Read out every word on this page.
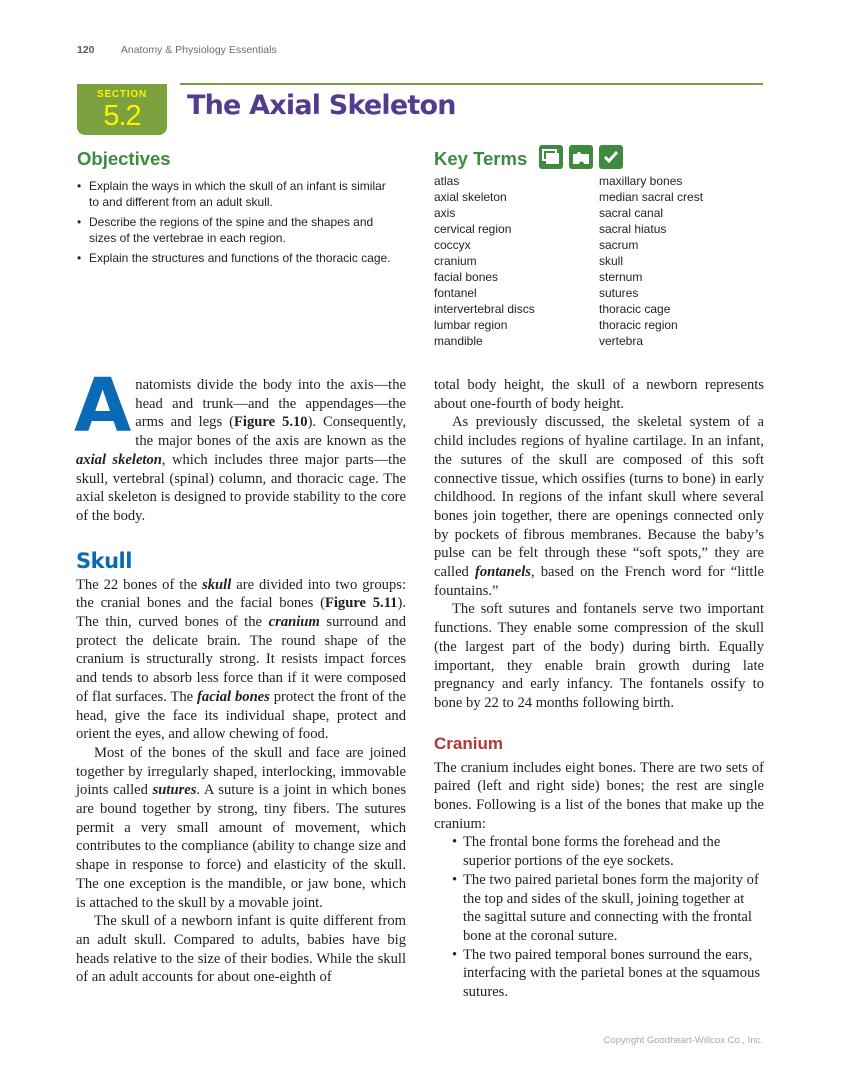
120	Anatomy & Physiology Essentials
SECTION
5.2	The Axial Skeleton
Objectives
• Explain the ways in which the skull of an infant is similar to and different from an adult skull.
• Describe the regions of the spine and the shapes and sizes of the vertebrae in each region.
• Explain the structures and functions of the thoracic cage.
Key Terms
atlas
axial skeleton
axis
cervical region
coccyx
cranium
facial bones
fontanel
intervertebral discs
lumbar region
mandible
maxillary bones
median sacral crest
sacral canal
sacral hiatus
sacrum
skull
sternum
sutures
thoracic cage
thoracic region
vertebra

Anatomists divide the body into the axis—the head and trunk—and the appendages—the arms and legs (Figure 5.10). Consequently, the major bones of the axis are known as the axial skeleton, which includes three major parts—the skull, vertebral (spinal) column, and thoracic cage. The axial skeleton is designed to provide stability to the core of the body.

Skull

The 22 bones of the skull are divided into two groups: the cranial bones and the facial bones (Figure 5.11). The thin, curved bones of the cranium surround and protect the delicate brain. The round shape of the cranium is structurally strong. It resists impact forces and tends to absorb less force than if it were composed of flat surfaces. The facial bones protect the front of the head, give the face its individual shape, protect and orient the eyes, and allow chewing of food.

Most of the bones of the skull and face are joined together by irregularly shaped, interlocking, immovable joints called sutures. A suture is a joint in which bones are bound together by strong, tiny fibers. The sutures permit a very small amount of movement, which contributes to the compliance (ability to change size and shape in response to force) and elasticity of the skull. The one exception is the mandible, or jaw bone, which is attached to the skull by a movable joint.

The skull of a newborn infant is quite different from an adult skull. Compared to adults, babies have big heads relative to the size of their bodies. While the skull of an adult accounts for about one-eighth of

total body height, the skull of a newborn represents about one-fourth of body height.

As previously discussed, the skeletal system of a child includes regions of hyaline cartilage. In an infant, the sutures of the skull are composed of this soft connective tissue, which ossifies (turns to bone) in early childhood. In regions of the infant skull where several bones join together, there are openings connected only by pockets of fibrous membranes. Because the baby’s pulse can be felt through these “soft spots,” they are called fontanels, based on the French word for “little fountains.”

The soft sutures and fontanels serve two important functions. They enable some compression of the skull (the largest part of the body) during birth. Equally important, they enable brain growth during late pregnancy and early infancy. The fontanels ossify to bone by 22 to 24 months following birth.

Cranium

The cranium includes eight bones. There are two sets of paired (left and right side) bones; the rest are single bones. Following is a list of the bones that make up the cranium:

• The frontal bone forms the forehead and the superior portions of the eye sockets.
• The two paired parietal bones form the majority of the top and sides of the skull, joining together at the sagittal suture and connecting with the frontal bone at the coronal suture.
• The two paired temporal bones surround the ears, interfacing with the parietal bones at the squamous sutures.
Copyright Goodheart-Willcox Co., Inc.
